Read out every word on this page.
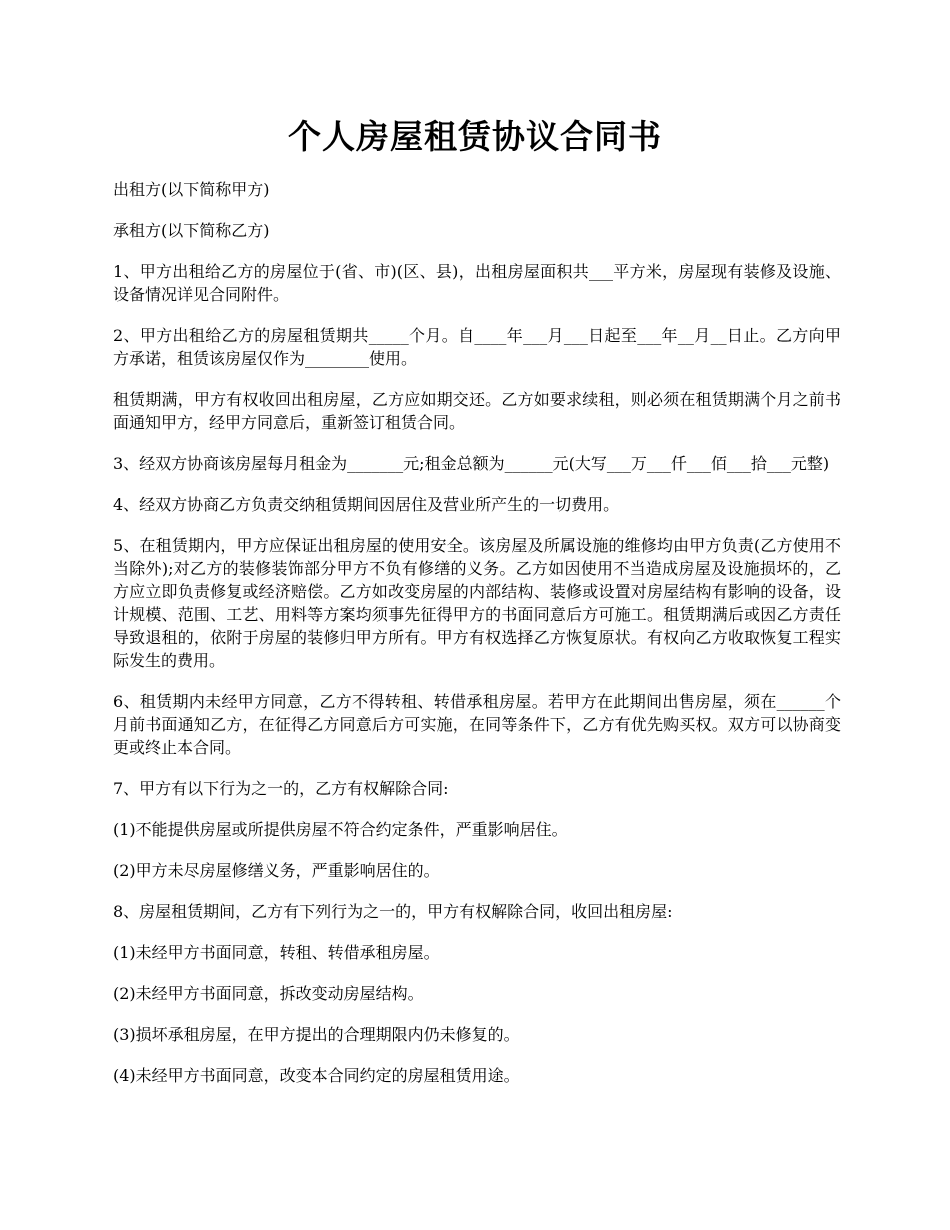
个人房屋租赁协议合同书

出租方(以下简称甲方)

承租方(以下简称乙方)

1、甲方出租给乙方的房屋位于(省、市)(区、县)，出租房屋面积共___平方米，房屋现有装修及设施、设备情况详见合同附件。

2、甲方出租给乙方的房屋租赁期共_____个月。自____年___月___日起至___年__月__日止。乙方向甲方承诺，租赁该房屋仅作为________使用。

租赁期满，甲方有权收回出租房屋，乙方应如期交还。乙方如要求续租，则必须在租赁期满个月之前书面通知甲方，经甲方同意后，重新签订租赁合同。

3、经双方协商该房屋每月租金为_______元;租金总额为______元(大写___万___仟___佰___拾___元整)

4、经双方协商乙方负责交纳租赁期间因居住及营业所产生的一切费用。

5、在租赁期内，甲方应保证出租房屋的使用安全。该房屋及所属设施的维修均由甲方负责(乙方使用不当除外);对乙方的装修装饰部分甲方不负有修缮的义务。乙方如因使用不当造成房屋及设施损坏的，乙方应立即负责修复或经济赔偿。乙方如改变房屋的内部结构、装修或设置对房屋结构有影响的设备，设计规模、范围、工艺、用料等方案均须事先征得甲方的书面同意后方可施工。租赁期满后或因乙方责任导致退租的，依附于房屋的装修归甲方所有。甲方有权选择乙方恢复原状。有权向乙方收取恢复工程实际发生的费用。

6、租赁期内未经甲方同意，乙方不得转租、转借承租房屋。若甲方在此期间出售房屋，须在______个月前书面通知乙方，在征得乙方同意后方可实施，在同等条件下，乙方有优先购买权。双方可以协商变更或终止本合同。

7、甲方有以下行为之一的，乙方有权解除合同:

(1)不能提供房屋或所提供房屋不符合约定条件，严重影响居住。

(2)甲方未尽房屋修缮义务，严重影响居住的。

8、房屋租赁期间，乙方有下列行为之一的，甲方有权解除合同，收回出租房屋:

(1)未经甲方书面同意，转租、转借承租房屋。

(2)未经甲方书面同意，拆改变动房屋结构。

(3)损坏承租房屋，在甲方提出的合理期限内仍未修复的。

(4)未经甲方书面同意，改变本合同约定的房屋租赁用途。
